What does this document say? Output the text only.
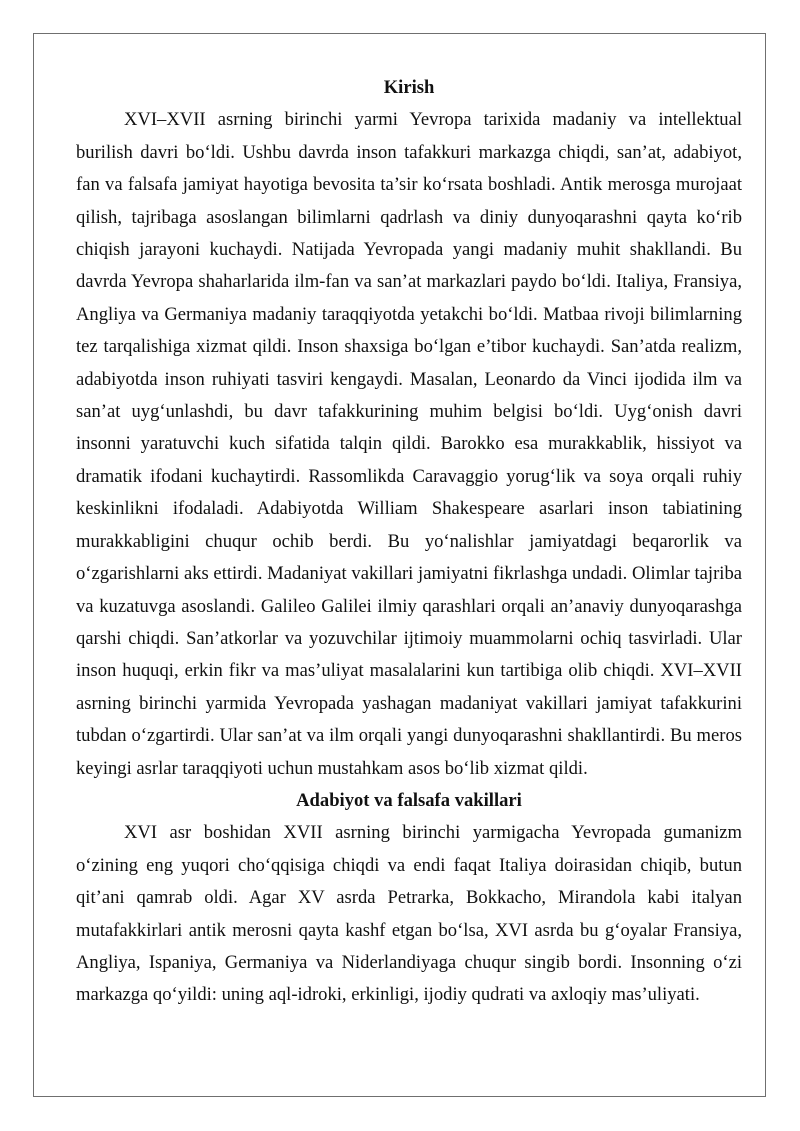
Kirish

XVI–XVII asrning birinchi yarmi Yevropa tarixida madaniy va intellektual burilish davri bo‘ldi. Ushbu davrda inson tafakkuri markazga chiqdi, san’at, adabiyot, fan va falsafa jamiyat hayotiga bevosita ta’sir ko‘rsata boshladi. Antik merosga murojaat qilish, tajribaga asoslangan bilimlarni qadrlash va diniy dunyoqarashni qayta ko‘rib chiqish jarayoni kuchaydi. Natijada Yevropada yangi madaniy muhit shakllandi. Bu davrda Yevropa shaharlarida ilm-fan va san’at markazlari paydo bo‘ldi. Italiya, Fransiya, Angliya va Germaniya madaniy taraqqiyotda yetakchi bo‘ldi. Matbaa rivoji bilimlarning tez tarqalishiga xizmat qildi. Inson shaxsiga bo‘lgan e’tibor kuchaydi. San’atda realizm, adabiyotda inson ruhiyati tasviri kengaydi. Masalan, Leonardo da Vinci ijodida ilm va san’at uyg‘unlashdi, bu davr tafakkurining muhim belgisi bo‘ldi. Uyg‘onish davri insonni yaratuvchi kuch sifatida talqin qildi. Barokko esa murakkablik, hissiyot va dramatik ifodani kuchaytirdi. Rassomlikda Caravaggio yorug‘lik va soya orqali ruhiy keskinlikni ifodaladi. Adabiyotda William Shakespeare asarlari inson tabiatining murakkabligini chuqur ochib berdi. Bu yo‘nalishlar jamiyatdagi beqarorlik va o‘zgarishlarni aks ettirdi. Madaniyat vakillari jamiyatni fikrlashga undadi. Olimlar tajriba va kuzatuvga asoslandi. Galileo Galilei ilmiy qarashlari orqali an’anaviy dunyoqarashga qarshi chiqdi. San’atkorlar va yozuvchilar ijtimoiy muammolarni ochiq tasvirladi. Ular inson huquqi, erkin fikr va mas’uliyat masalalarini kun tartibiga olib chiqdi. XVI–XVII asrning birinchi yarmida Yevropada yashagan madaniyat vakillari jamiyat tafakkurini tubdan o‘zgartirdi. Ular san’at va ilm orqali yangi dunyoqarashni shakllantirdi. Bu meros keyingi asrlar taraqqiyoti uchun mustahkam asos bo‘lib xizmat qildi.

Adabiyot va falsafa vakillari

XVI asr boshidan XVII asrning birinchi yarmigacha Yevropada gumanizm o‘zining eng yuqori cho‘qqisiga chiqdi va endi faqat Italiya doirasidan chiqib, butun qit’ani qamrab oldi. Agar XV asrda Petrarka, Bokkacho, Mirandola kabi italyan mutafakkirlari antik merosni qayta kashf etgan bo‘lsa, XVI asrda bu g‘oyalar Fransiya, Angliya, Ispaniya, Germaniya va Niderlandiyaga chuqur singib bordi. Insonning o‘zi markazga qo‘yildi: uning aql-idroki, erkinligi, ijodiy qudrati va axloqiy mas’uliyati.
